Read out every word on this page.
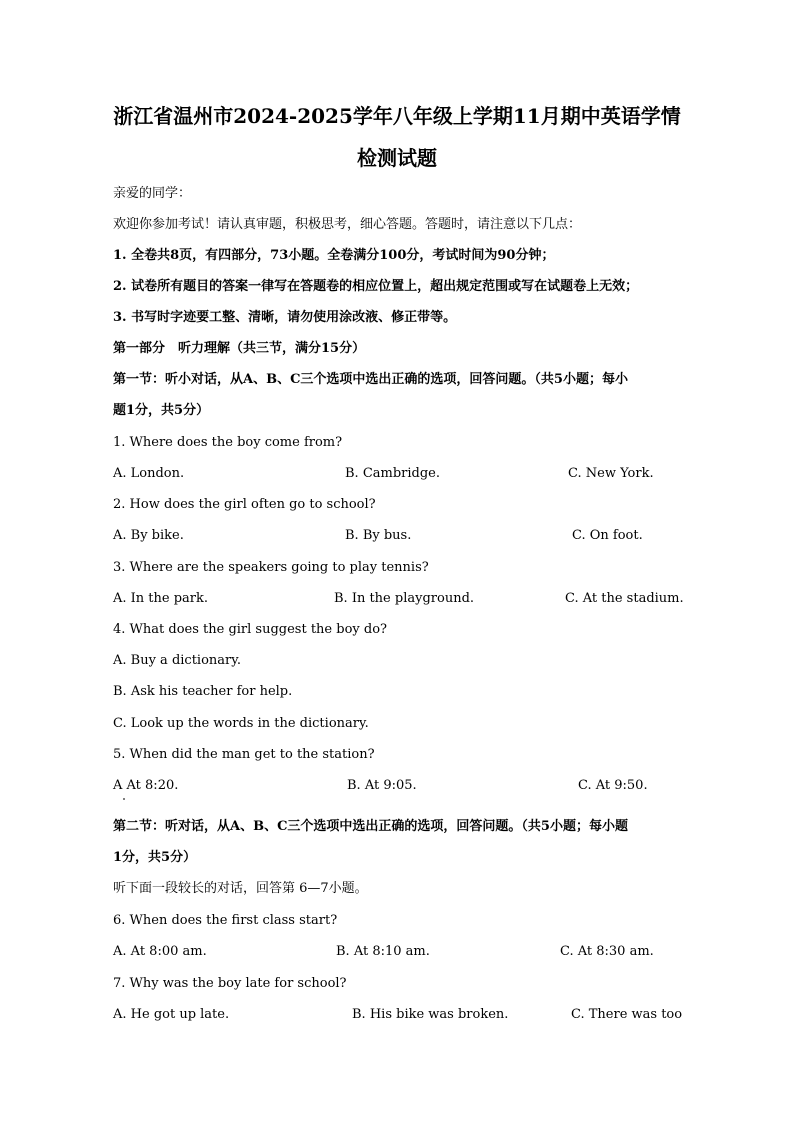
浙江省温州市2024-2025学年八年级上学期11月期中英语学情
检测试题
亲爱的同学：
欢迎你参加考试！请认真审题，积极思考，细心答题。答题时，请注意以下几点：
1. 全卷共8页，有四部分，73小题。全卷满分100分，考试时间为90分钟；
2. 试卷所有题目的答案一律写在答题卷的相应位置上，超出规定范围或写在试题卷上无效；
3. 书写时字迹要工整、清晰，请勿使用涂改液、修正带等。
第一部分　听力理解（共三节，满分15分）
第一节：听小对话，从A、B、C三个选项中选出正确的选项，回答问题。（共5小题；每小
题1分，共5分）
1. Where does the boy come from?
A. London.	B. Cambridge.	C. New York.
2. How does the girl often go to school?
A. By bike.	B. By bus.	C. On foot.
3. Where are the speakers going to play tennis?
A. In the park.	B. In the playground.	C. At the stadium.
4. What does the girl suggest the boy do?
A. Buy a dictionary.
B. Ask his teacher for help.
C. Look up the words in the dictionary.
5. When did the man get to the station?
A At 8:20.	B. At 9:05.	C. At 9:50.
第二节：听对话，从A、B、C三个选项中选出正确的选项，回答问题。（共5小题；每小题
1分，共5分）
听下面一段较长的对话，回答第 6—7小题。
6. When does the first class start?
A. At 8:00 am.	B. At 8:10 am.	C. At 8:30 am.
7. Why was the boy late for school?
A. He got up late.	B. His bike was broken.	C. There was too
